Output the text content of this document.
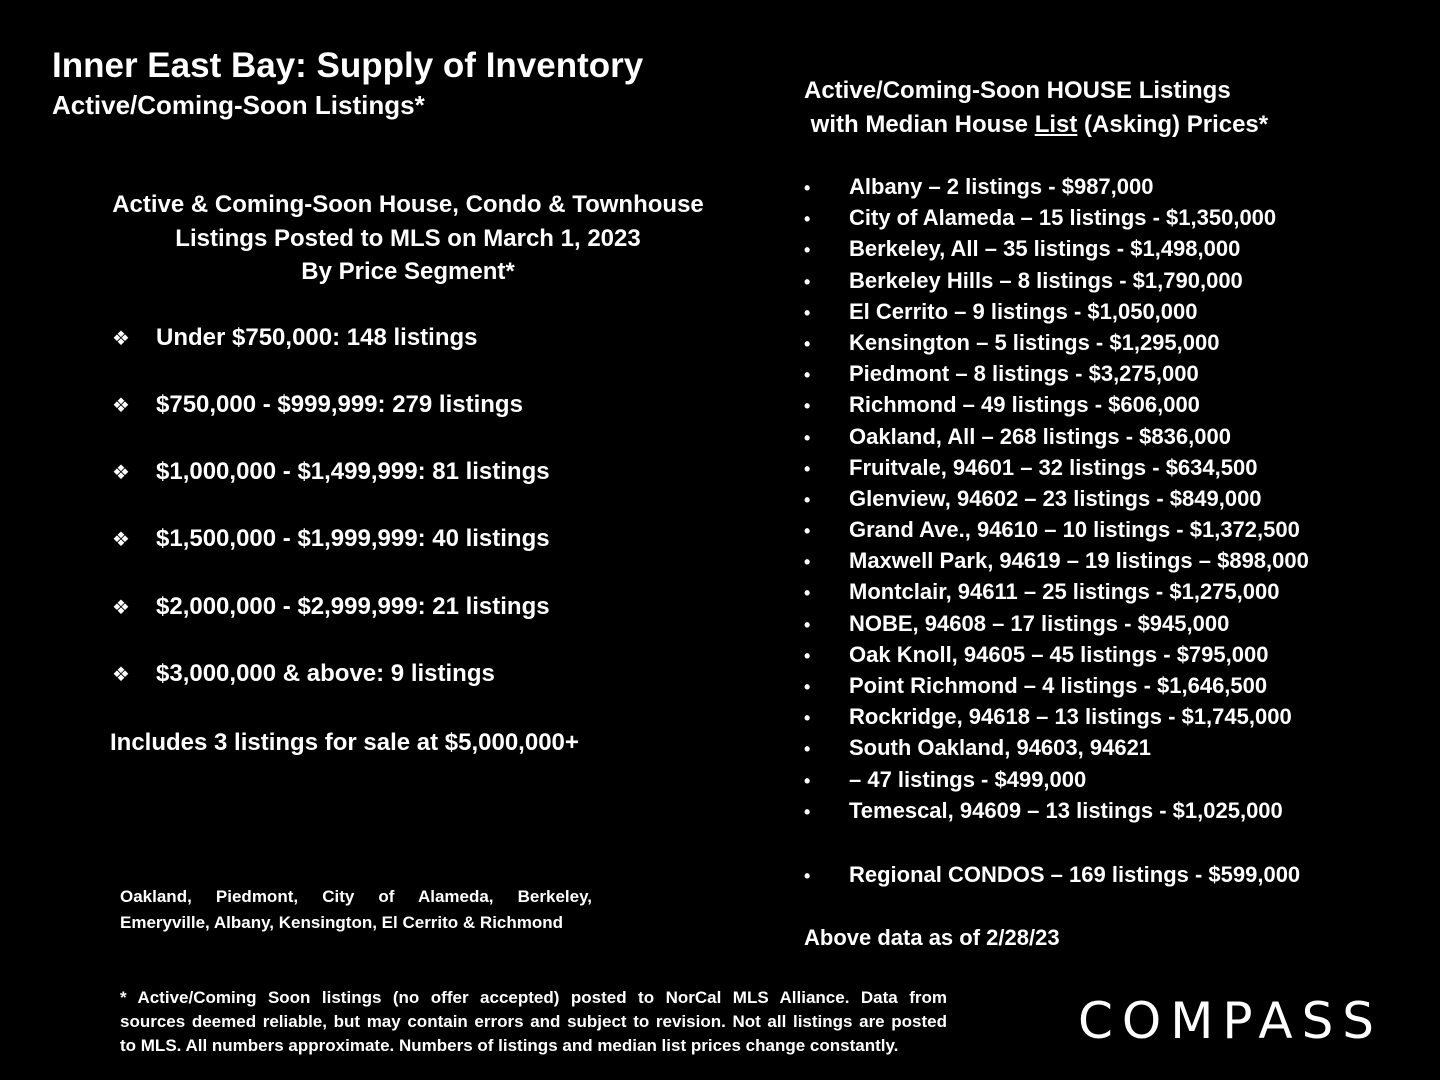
Inner East Bay: Supply of Inventory
Active/Coming-Soon Listings*
Active & Coming-Soon House, Condo & Townhouse
Listings Posted to MLS on March 1, 2023
By Price Segment*
❖ Under $750,000: 148 listings
❖ $750,000 - $999,999: 279 listings
❖ $1,000,000 - $1,499,999: 81 listings
❖ $1,500,000 - $1,999,999: 40 listings
❖ $2,000,000 - $2,999,999: 21 listings
❖ $3,000,000 & above: 9 listings
Includes 3 listings for sale at $5,000,000+
Oakland, Piedmont, City of Alameda, Berkeley,
Emeryville, Albany, Kensington, El Cerrito & Richmond
Active/Coming-Soon HOUSE Listings
with Median House List (Asking) Prices*
• Albany – 2 listings - $987,000
• City of Alameda – 15 listings - $1,350,000
• Berkeley, All – 35 listings - $1,498,000
• Berkeley Hills – 8 listings - $1,790,000
• El Cerrito – 9 listings - $1,050,000
• Kensington – 5 listings - $1,295,000
• Piedmont – 8 listings - $3,275,000
• Richmond – 49 listings - $606,000
• Oakland, All – 268 listings - $836,000
• Fruitvale, 94601 – 32 listings - $634,500
• Glenview, 94602 – 23 listings - $849,000
• Grand Ave., 94610 – 10 listings - $1,372,500
• Maxwell Park, 94619 – 19 listings – $898,000
• Montclair, 94611 – 25 listings - $1,275,000
• NOBE, 94608 – 17 listings - $945,000
• Oak Knoll, 94605 – 45 listings - $795,000
• Point Richmond – 4 listings - $1,646,500
• Rockridge, 94618 – 13 listings - $1,745,000
• South Oakland, 94603, 94621
• – 47 listings - $499,000
• Temescal, 94609 – 13 listings - $1,025,000
• Regional CONDOS – 169 listings - $599,000
Above data as of 2/28/23
* Active/Coming Soon listings (no offer accepted) posted to NorCal MLS Alliance. Data from
sources deemed reliable, but may contain errors and subject to revision. Not all listings are posted
to MLS. All numbers approximate. Numbers of listings and median list prices change constantly.	COMPASS
